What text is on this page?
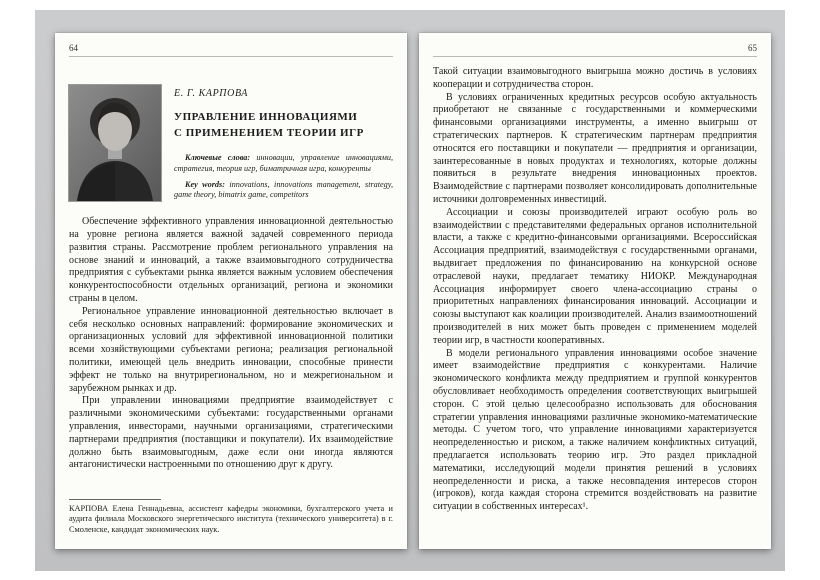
64
Е. Г. КАРПОВА
УПРАВЛЕНИЕ ИННОВАЦИЯМИ
С ПРИМЕНЕНИЕМ ТЕОРИИ ИГР
Ключевые слова: инновации, управление инновациями, стратегия, теория игр, биматричная игра, конкуренты
Key words: innovations, innovations management, strategy, game theory, bimatrix game, competitors

Обеспечение эффективного управления инновационной деятельностью на уровне региона является важной задачей современного периода развития страны. Рассмотрение проблем регионального управления на основе знаний и инноваций, а также взаимовыгодного сотрудничества предприятия с субъектами рынка является важным условием обеспечения конкурентоспособности отдельных организаций, региона и экономики страны в целом.

Региональное управление инновационной деятельностью включает в себя несколько основных направлений: формирование экономических и организационных условий для эффективной инновационной политики всеми хозяйствующими субъектами региона; реализация региональной политики, имеющей цель внедрить инновации, способные принести эффект не только на внутрирегиональном, но и межрегиональном и зарубежном рынках и др.

При управлении инновациями предприятие взаимодействует с различными экономическими субъектами: государственными органами управления, инвесторами, научными организациями, стратегическими партнерами предприятия (поставщики и покупатели). Их взаимодействие должно быть взаимовыгодным, даже если они иногда являются антагонистически настроенными по отношению друг к другу.

КАРПОВА Елена Геннадьевна, ассистент кафедры экономики, бухгалтерского учета и аудита филиала Московского энергетического института (технического университета) в г. Смоленске, кандидат экономических наук.
65

Такой ситуации взаимовыгодного выигрыша можно достичь в условиях кооперации и сотрудничества сторон.

В условиях ограниченных кредитных ресурсов особую актуальность приобретают не связанные с государственными и коммерческими финансовыми организациями инструменты, а именно выигрыш от стратегических партнеров. К стратегическим партнерам предприятия относятся его поставщики и покупатели — предприятия и организации, заинтересованные в новых продуктах и технологиях, которые должны появиться в результате внедрения инновационных проектов. Взаимодействие с партнерами позволяет консолидировать дополнительные источники долговременных инвестиций.

Ассоциации и союзы производителей играют особую роль во взаимодействии с представителями федеральных органов исполнительной власти, а также с кредитно-финансовыми организациями. Всероссийская Ассоциация предприятий, взаимодействуя с государственными органами, выдвигает предложения по финансированию на конкурсной основе отраслевой науки, предлагает тематику НИОКР. Международная Ассоциация информирует своего члена-ассоциацию страны о приоритетных направлениях финансирования инноваций. Ассоциации и союзы выступают как коалиции производителей. Анализ взаимоотношений производителей в них может быть проведен с применением моделей теории игр, в частности кооперативных.

В модели регионального управления инновациями особое значение имеет взаимодействие предприятия с конкурентами. Наличие экономического конфликта между предприятием и группой конкурентов обусловливает необходимость определения соответствующих выигрышей сторон. С этой целью целесообразно использовать для обоснования стратегии управления инновациями различные экономико-математические методы. С учетом того, что управление инновациями характеризуется неопределенностью и риском, а также наличием конфликтных ситуаций, предлагается использовать теорию игр. Это раздел прикладной математики, исследующий модели принятия решений в условиях неопределенности и риска, а также несовпадения интересов сторон (игроков), когда каждая сторона стремится воздействовать на развитие ситуации в собственных интересах¹.
